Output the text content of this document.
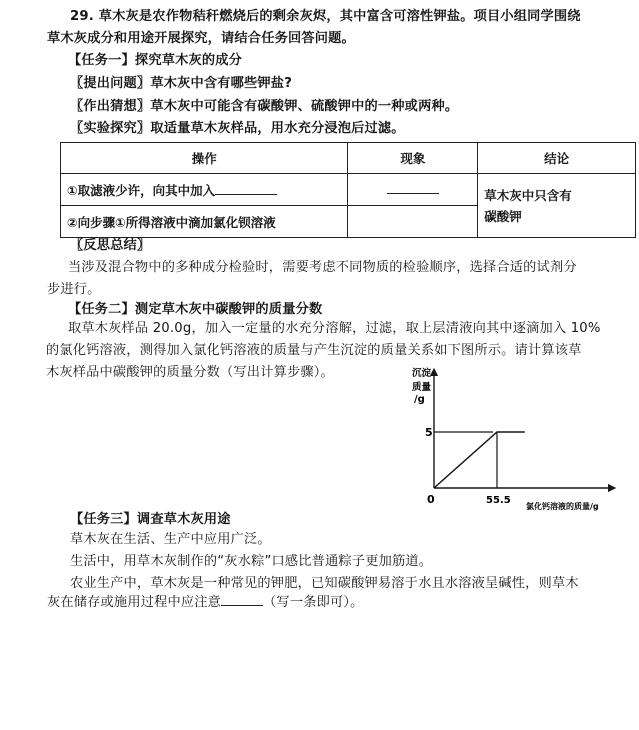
29. 草木灰是农作物秸秆燃烧后的剩余灰烬，其中富含可溶性钾盐。项目小组同学围绕
草木灰成分和用途开展探究，请结合任务回答问题。
【任务一】探究草木灰的成分
〖提出问题〗草木灰中含有哪些钾盐?
〖作出猜想〗草木灰中可能含有碳酸钾、硫酸钾中的一种或两种。
〖实验探究〗取适量草木灰样品，用水充分浸泡后过滤。
操作	现象	结论
①取滤液少许，向其中加入		草木灰中只含有
碳酸钾

②向步骤①所得溶液中滴加氯化钡溶液		
〖反思总结〗
当涉及混合物中的多种成分检验时，需要考虑不同物质的检验顺序，选择合适的试剂分
步进行。
【任务二】测定草木灰中碳酸钾的质量分数
取草木灰样品 20.0g，加入一定量的水充分溶解，过滤，取上层清液向其中逐滴加入 10%
的氯化钙溶液，测得加入氯化钙溶液的质量与产生沉淀的质量关系如下图所示。请计算该草
木灰样品中碳酸钾的质量分数（写出计算步骤）。	沉淀
质量
/g
氯化钙溶液的质量/g
0	55.5
5
【任务三】调查草木灰用途
草木灰在生活、生产中应用广泛。
生活中，用草木灰制作的“灰水粽”口感比普通粽子更加筋道。
农业生产中，草木灰是一种常见的钾肥，已知碳酸钾易溶于水且水溶液呈碱性，则草木
灰在储存或施用过程中应注意	（写一条即可）。
